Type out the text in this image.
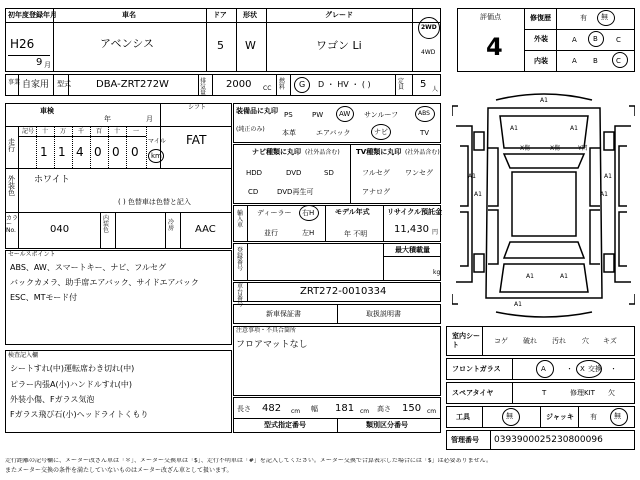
初年度登録年月
H26
9 月
車名
アベンシス
ドア
5
形状
W
グレード
ワゴン Li
2WD
4WD
事業 自家用 型式	DBA-ZRT272W	排気量
2000 CC
燃料	G D ・ HV ・ ( )	定員	5 人
車検
年	月
シフト
FAT
走行
記号 十 万 千 百 十 一
1 1 4 0 0 0
マイル
km
外装色
ホワイト
( ) 色替車は色替と記入
カラーNo.	040
内装色
冷房	AAC
装備品に丸印
(純正のみ)
PS	PW AW サンルーフ	ABS
本革	エアバック	ナビ	TV
ナビ種類に丸印 (社外品含む)
HDD	DVD	SD
CD	DVD再生可
TV種類に丸印 (社外品含む)
フルセグ ワンセグ
アナログ
輸入車
ディーラー 右H
並行	左H
モデル年式
年 不明
リサイクル預託金
11,430 円
登録番号
最大積載量
kg
車台番号
ZRT272-0010334
新車保証書	取扱説明書
注意事項・不具合箇所
フロアマットなし
長さ 482 cm 幅 181 cm 高さ 150 cm
型式指定番号	類別区分番号
セールスポイント
ABS、AW、スマートキー、ナビ、フルセグ
バックカメラ、助手席エアバック、サイドエアバック
ESC、MTモード付
検査記入欄
シートすれ(中)運転席わき切れ(中)
ピラー内張A(小)ハンドルすれ(中)
外装小傷、Fガラス気泡
Fガラス飛び石(小)ヘッドライトくもり
評価点
4
修復歴	有 無
外装	A B	C
内装	A B	C
A1
A1	A1
A1	A1
A1	A1
Y凹
X傷	X傷
A1
A1
A1
室内シート
コゲ 破れ 汚れ 穴 キズ
フロントガラス	A	・ X 交換 ・
スペアタイヤ	T	修理KIT 欠
工具	無	ジャッキ 有 無
管理番号 0393900025230800096
走行距離の記号欄に、メーター改ざん車は「＊」、メーター交換車は「$」、走行不明車は「#」を記入してください。メーター交換で合算表示した場合には「$」は必要ありません。
またメーター交換の条件を満たしていないものはメーター改ざん車として扱います。
